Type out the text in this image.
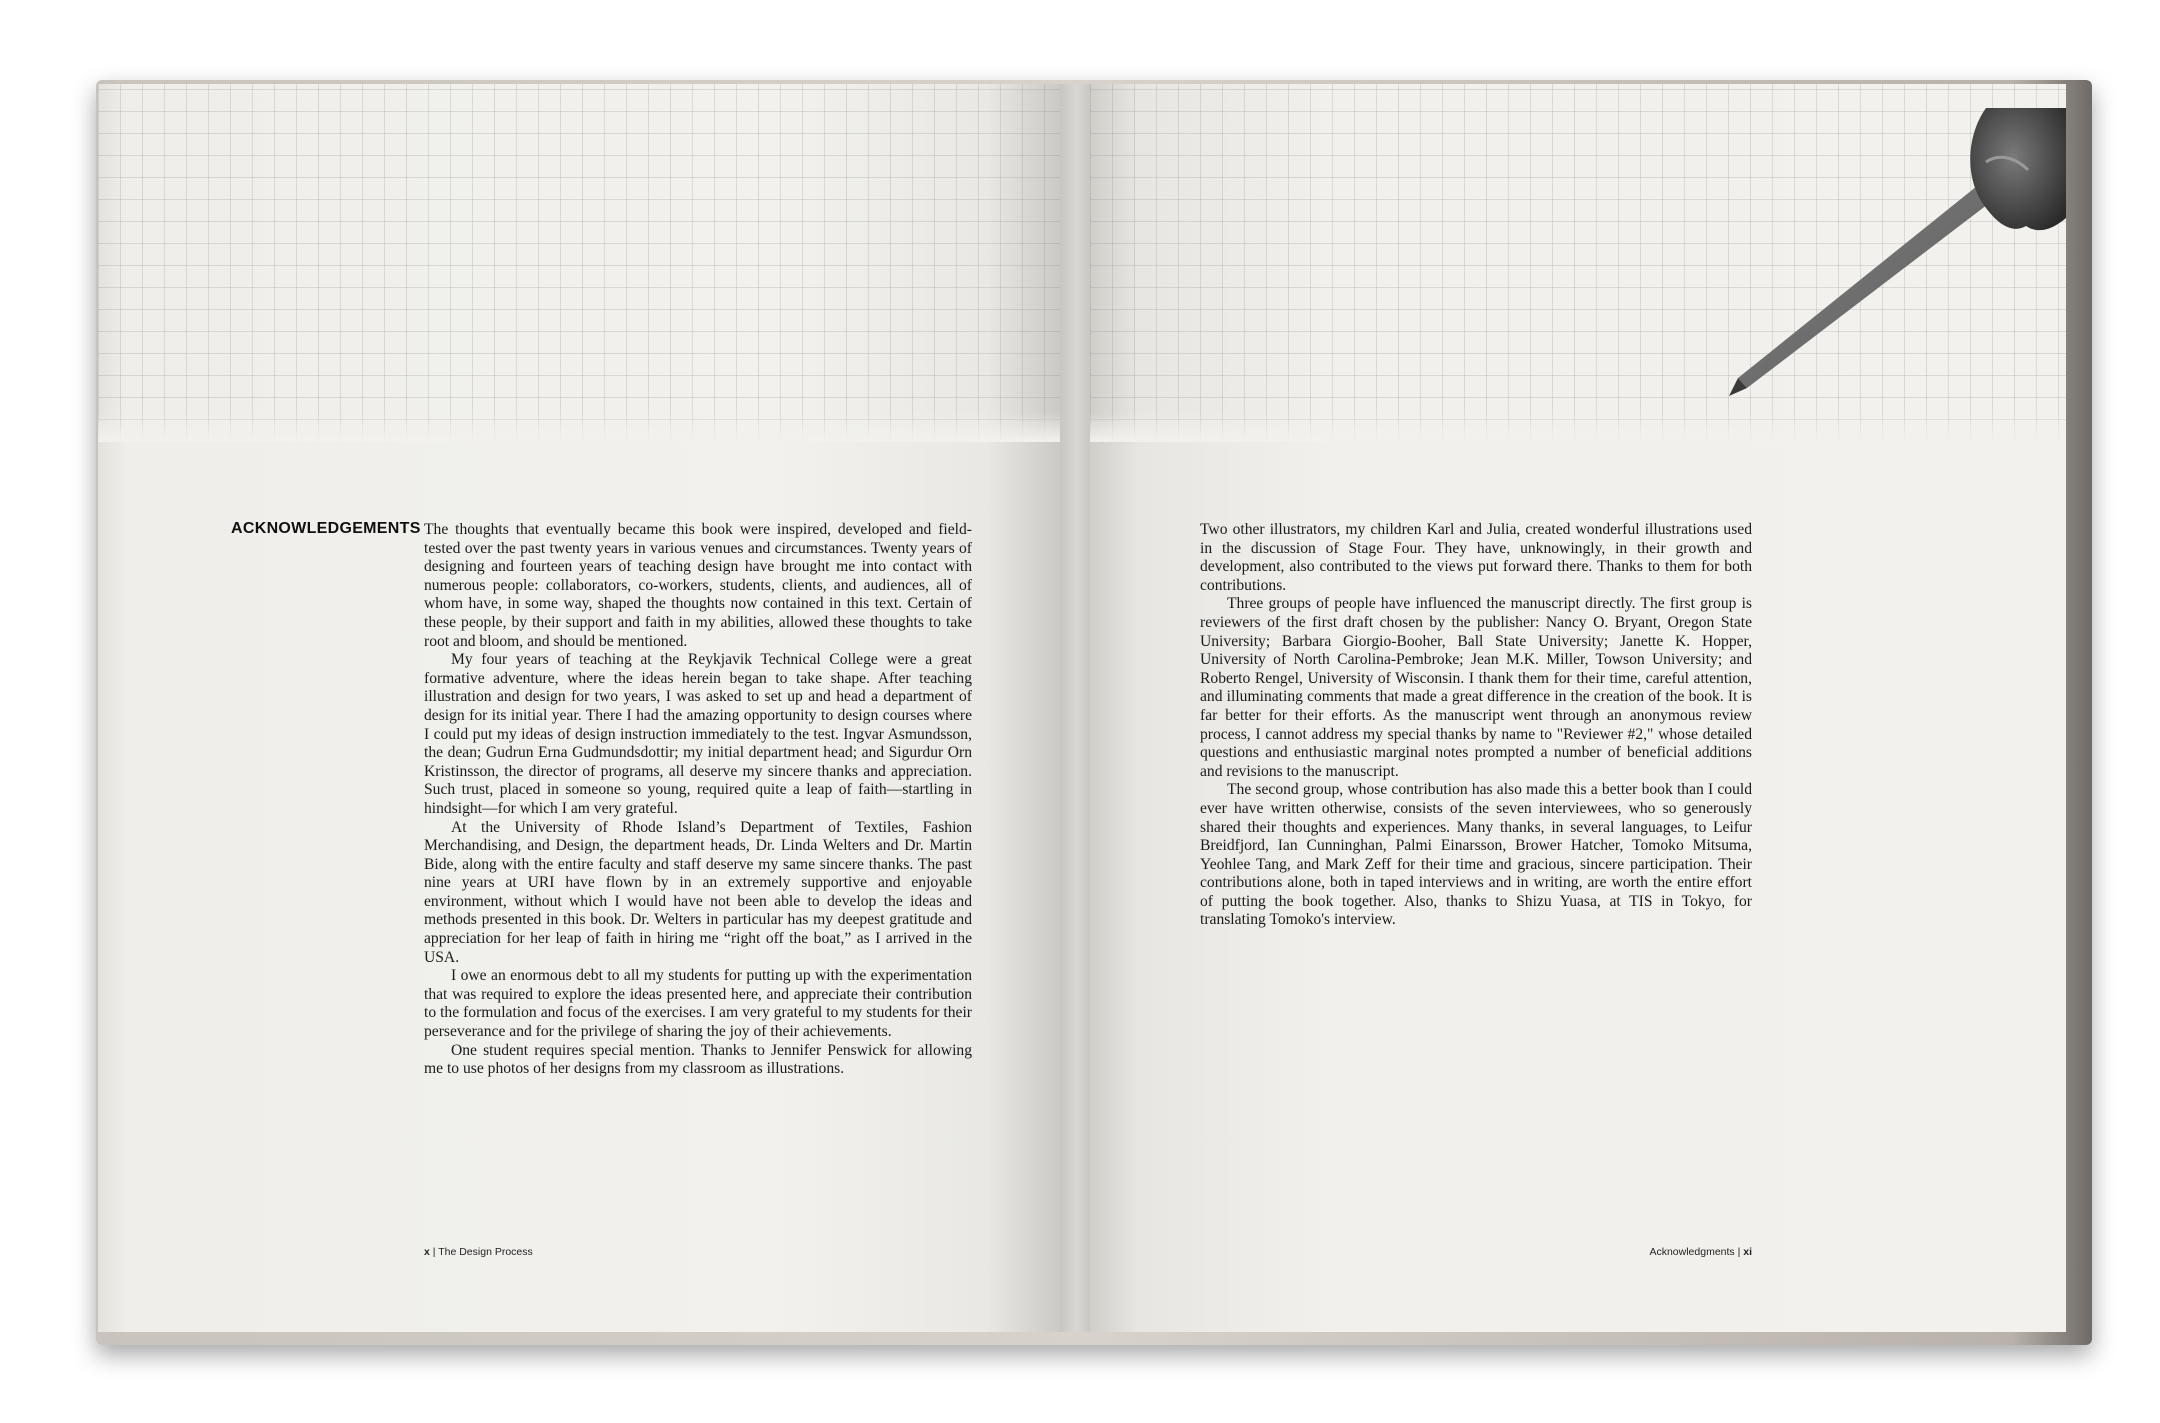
ACKNOWLEDGEMENTS The thoughts that eventually became this book were inspired, developed and field-tested over the past twenty years in various venues and circumstances. Twenty years of designing and fourteen years of teaching design have brought me into contact with numerous people: collaborators, co-workers, students, clients, and audiences, all of whom have, in some way, shaped the thoughts now contained in this text. Certain of these people, by their support and faith in my abilities, allowed these thoughts to take root and bloom, and should be mentioned.

My four years of teaching at the Reykjavik Technical College were a great formative adventure, where the ideas herein began to take shape. After teaching illustration and design for two years, I was asked to set up and head a department of design for its initial year. There I had the amazing opportunity to design courses where I could put my ideas of design instruction immediately to the test. Ingvar Asmundsson, the dean; Gudrun Erna Gudmundsdottir; my initial department head; and Sigurdur Orn Kristinsson, the director of programs, all deserve my sincere thanks and appreciation. Such trust, placed in someone so young, required quite a leap of faith—startling in hindsight—for which I am very grateful.

At the University of Rhode Island’s Department of Textiles, Fashion Merchandising, and Design, the department heads, Dr. Linda Welters and Dr. Martin Bide, along with the entire faculty and staff deserve my same sincere thanks. The past nine years at URI have flown by in an extremely supportive and enjoyable environment, without which I would have not been able to develop the ideas and methods presented in this book. Dr. Welters in particular has my deepest gratitude and appreciation for her leap of faith in hiring me “right off the boat,” as I arrived in the USA.

I owe an enormous debt to all my students for putting up with the experimentation that was required to explore the ideas presented here, and appreciate their contribution to the formulation and focus of the exercises. I am very grateful to my students for their perseverance and for the privilege of sharing the joy of their achievements.

One student requires special mention. Thanks to Jennifer Penswick for allowing me to use photos of her designs from my classroom as illustrations.

x | The Design Process

Two other illustrators, my children Karl and Julia, created wonderful illustrations used in the discussion of Stage Four. They have, unknowingly, in their growth and development, also contributed to the views put forward there. Thanks to them for both contributions.

Three groups of people have influenced the manuscript directly. The first group is reviewers of the first draft chosen by the publisher: Nancy O. Bryant, Oregon State University; Barbara Giorgio-Booher, Ball State University; Janette K. Hopper, University of North Carolina-Pembroke; Jean M.K. Miller, Towson University; and Roberto Rengel, University of Wisconsin. I thank them for their time, careful attention, and illuminating comments that made a great difference in the creation of the book. It is far better for their efforts. As the manuscript went through an anonymous review process, I cannot address my special thanks by name to "Reviewer #2," whose detailed questions and enthusiastic marginal notes prompted a number of beneficial additions and revisions to the manuscript.

The second group, whose contribution has also made this a better book than I could ever have written otherwise, consists of the seven interviewees, who so generously shared their thoughts and experiences. Many thanks, in several languages, to Leifur Breidfjord, Ian Cunninghan, Palmi Einarsson, Brower Hatcher, Tomoko Mitsuma, Yeohlee Tang, and Mark Zeff for their time and gracious, sincere participation. Their contributions alone, both in taped interviews and in writing, are worth the entire effort of putting the book together. Also, thanks to Shizu Yuasa, at TIS in Tokyo, for translating Tomoko's interview.

Acknowledgments | xi
